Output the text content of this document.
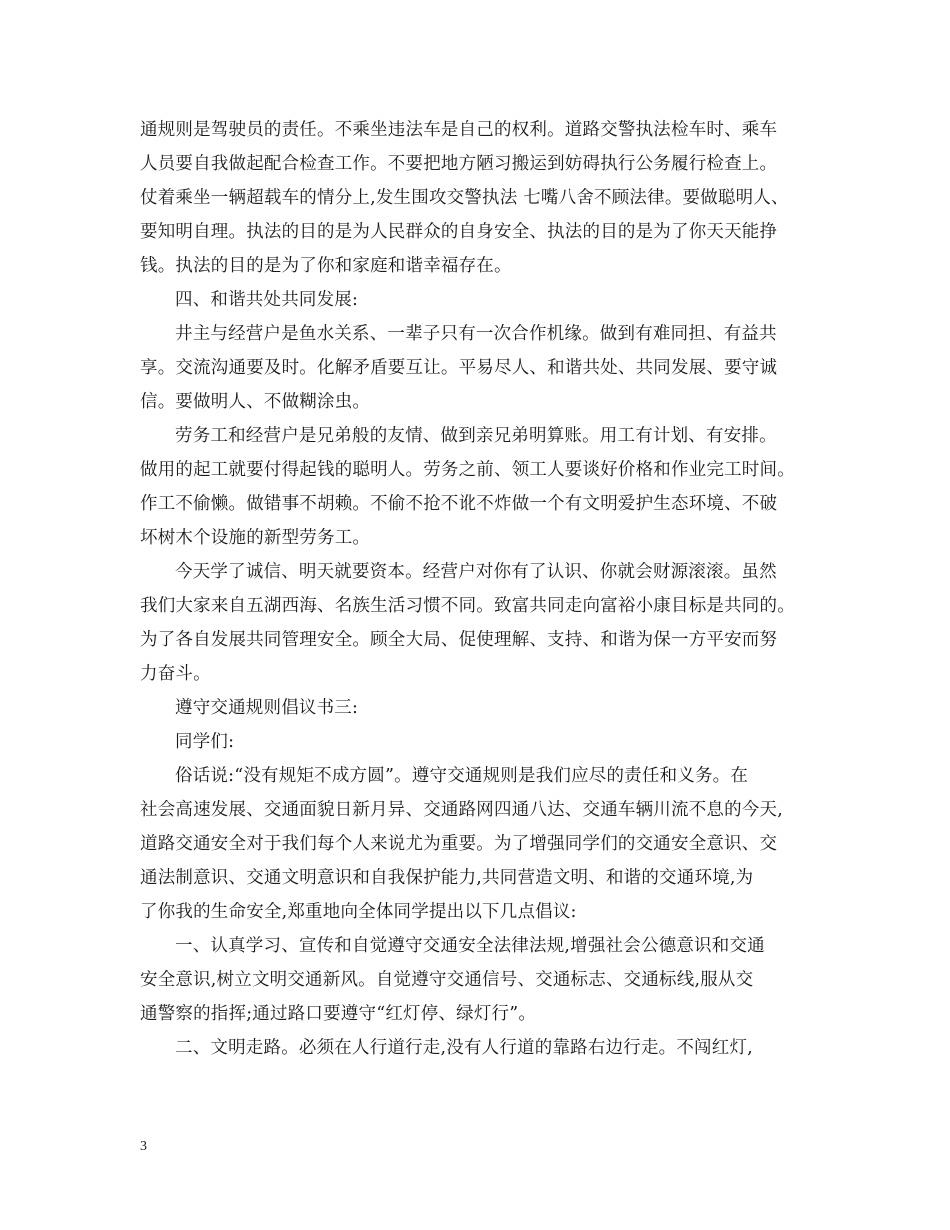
通规则是驾驶员的责任。不乘坐违法车是自己的权利。道路交警执法检车时、乘车
人员要自我做起配合检查工作。不要把地方陋习搬运到妨碍执行公务履行检查上。
仗着乘坐一辆超载车的情分上,发生围攻交警执法 七嘴八舍不顾法律。要做聪明人、
要知明自理。执法的目的是为人民群众的自身安全、执法的目的是为了你天天能挣
钱。执法的目的是为了你和家庭和谐幸福存在。
四、和谐共处共同发展:
井主与经营户是鱼水关系、一辈子只有一次合作机缘。做到有难同担、有益共
享。交流沟通要及时。化解矛盾要互让。平易尽人、和谐共处、共同发展、要守诚
信。要做明人、不做糊涂虫。
劳务工和经营户是兄弟般的友情、做到亲兄弟明算账。用工有计划、有安排。
做用的起工就要付得起钱的聪明人。劳务之前、领工人要谈好价格和作业完工时间。
作工不偷懒。做错事不胡赖。不偷不抢不讹不炸做一个有文明爱护生态环境、不破
坏树木个设施的新型劳务工。
今天学了诚信、明天就要资本。经营户对你有了认识、你就会财源滚滚。虽然
我们大家来自五湖西海、名族生活习惯不同。致富共同走向富裕小康目标是共同的。
为了各自发展共同管理安全。顾全大局、促使理解、支持、和谐为保一方平安而努
力奋斗。
遵守交通规则倡议书三:
同学们:
俗话说:“没有规矩不成方圆”。遵守交通规则是我们应尽的责任和义务。在
社会高速发展、交通面貌日新月异、交通路网四通八达、交通车辆川流不息的今天,
道路交通安全对于我们每个人来说尤为重要。为了增强同学们的交通安全意识、交
通法制意识、交通文明意识和自我保护能力,共同营造文明、和谐的交通环境,为
了你我的生命安全,郑重地向全体同学提出以下几点倡议:
一、认真学习、宣传和自觉遵守交通安全法律法规,增强社会公德意识和交通
安全意识,树立文明交通新风。自觉遵守交通信号、交通标志、交通标线,服从交
通警察的指挥;通过路口要遵守“红灯停、绿灯行”。
二、文明走路。必须在人行道行走,没有人行道的靠路右边行走。不闯红灯,
3
